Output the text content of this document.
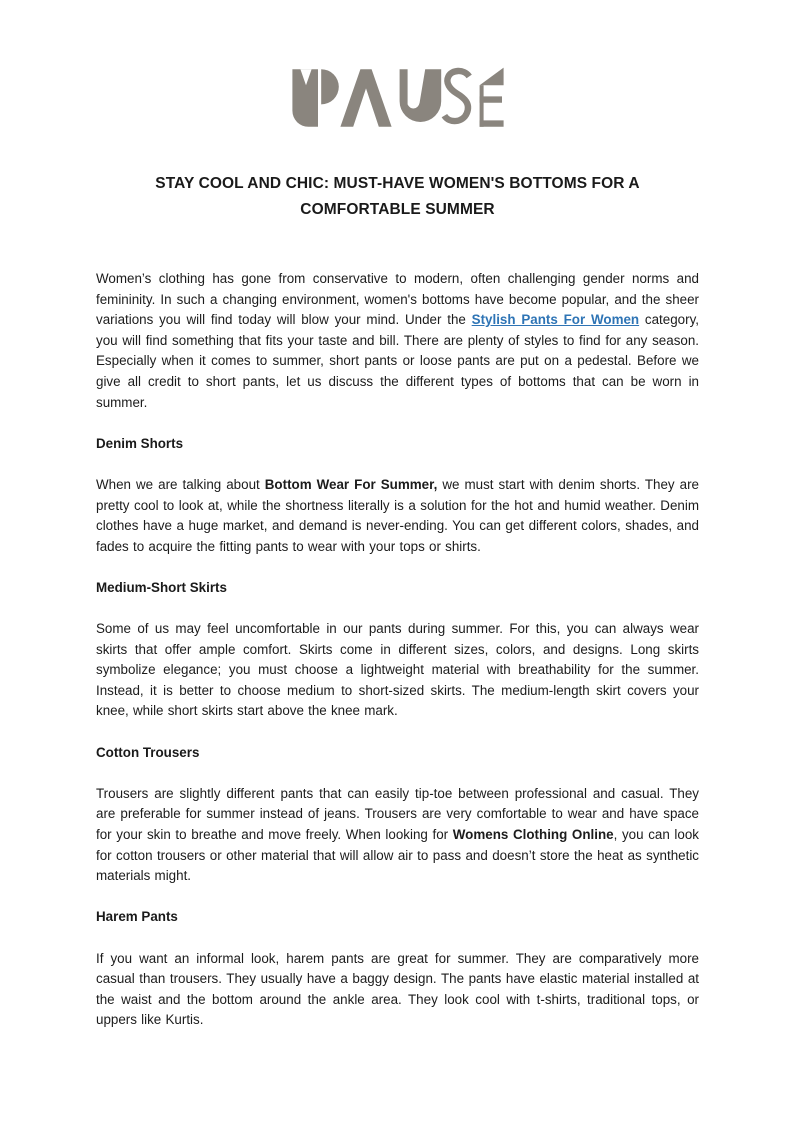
STAY COOL AND CHIC: MUST-HAVE WOMEN'S BOTTOMS FOR A COMFORTABLE SUMMER

Women’s clothing has gone from conservative to modern, often challenging gender norms and femininity. In such a changing environment, women's bottoms have become popular, and the sheer variations you will find today will blow your mind. Under the Stylish Pants For Women category, you will find something that fits your taste and bill. There are plenty of styles to find for any season. Especially when it comes to summer, short pants or loose pants are put on a pedestal. Before we give all credit to short pants, let us discuss the different types of bottoms that can be worn in summer.

Denim Shorts

When we are talking about Bottom Wear For Summer, we must start with denim shorts. They are pretty cool to look at, while the shortness literally is a solution for the hot and humid weather. Denim clothes have a huge market, and demand is never-ending. You can get different colors, shades, and fades to acquire the fitting pants to wear with your tops or shirts.

Medium-Short Skirts

Some of us may feel uncomfortable in our pants during summer. For this, you can always wear skirts that offer ample comfort. Skirts come in different sizes, colors, and designs. Long skirts symbolize elegance; you must choose a lightweight material with breathability for the summer. Instead, it is better to choose medium to short-sized skirts. The medium-length skirt covers your knee, while short skirts start above the knee mark.

Cotton Trousers

Trousers are slightly different pants that can easily tip-toe between professional and casual. They are preferable for summer instead of jeans. Trousers are very comfortable to wear and have space for your skin to breathe and move freely. When looking for Womens Clothing Online, you can look for cotton trousers or other material that will allow air to pass and doesn’t store the heat as synthetic materials might.

Harem Pants

If you want an informal look, harem pants are great for summer. They are comparatively more casual than trousers. They usually have a baggy design. The pants have elastic material installed at the waist and the bottom around the ankle area. They look cool with t-shirts, traditional tops, or uppers like Kurtis.
